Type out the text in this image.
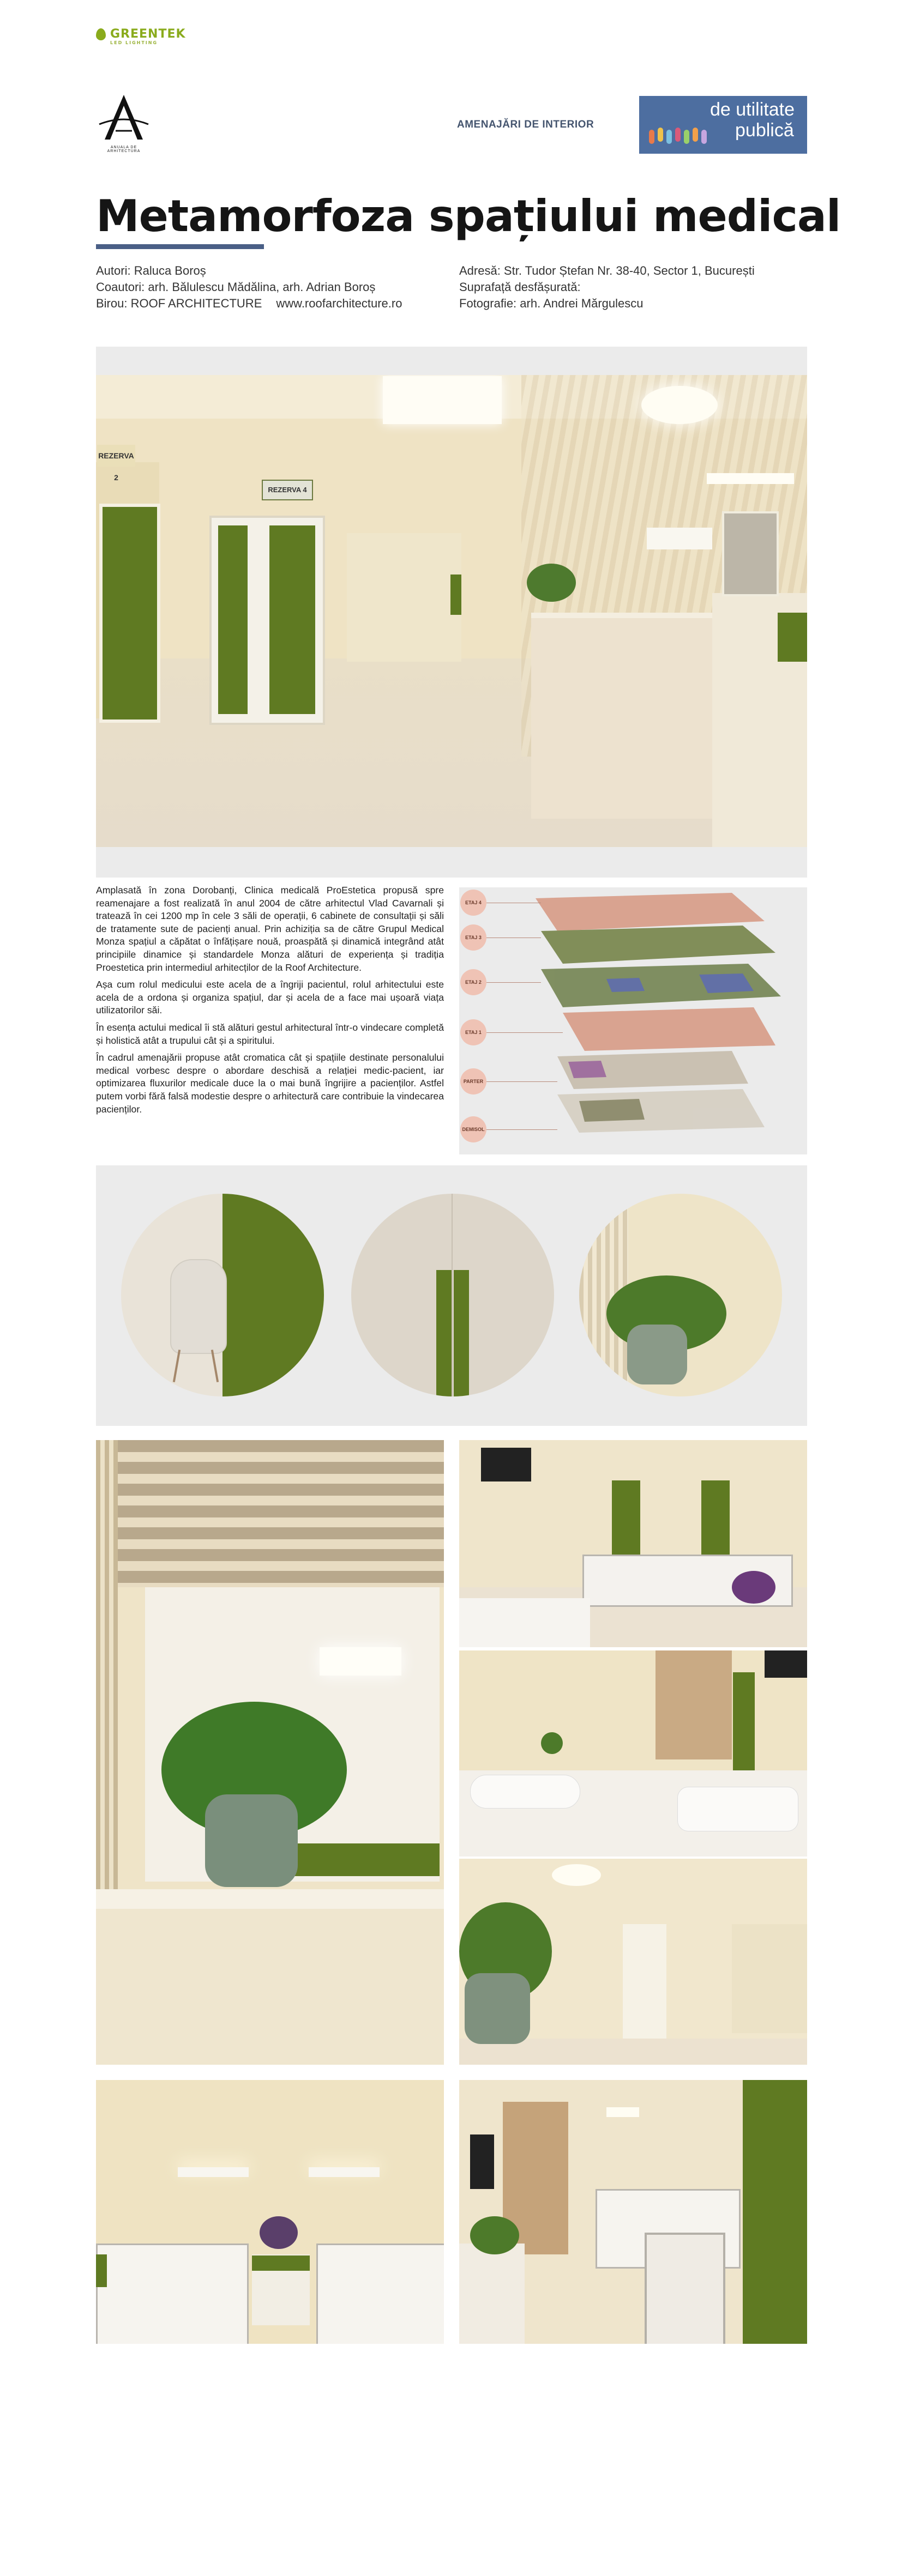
GREENTEK
LED LIGHTING
ANUALA DE ARHITECTURA
AMENAJĂRI DE INTERIOR
de utilitate
publică
Metamorfoza spațiului medical
Autori: Raluca Boroș
Coautori: arh. Bălulescu Mădălina, arh. Adrian Boroș
Birou: ROOF ARCHITECTURE www.roofarchitecture.ro
Adresă: Str. Tudor Ștefan Nr. 38-40, Sector 1, București
Suprafață desfășurată:
Fotografie: arh. Andrei Mărgulescu
REZERVA 2
REZERVA 4

Amplasată în zona Dorobanți, Clinica medicală ProEstetica propusă spre reamenajare a fost realizată în anul 2004 de către arhitectul Vlad Cavarnali și tratează în cei 1200 mp în cele 3 săli de operații, 6 cabinete de consultații și săli de tratamente sute de pacienți anual. Prin achiziția sa de către Grupul Medical Monza spațiul a căpătat o înfățișare nouă, proaspătă și dinamică integrând atât principiile dinamice și standardele Monza alături de experiența și tradiția Proestetica prin intermediul arhitecților de la Roof Architecture.

Așa cum rolul medicului este acela de a îngriji pacientul, rolul arhitectului este acela de a ordona și organiza spațiul, dar și acela de a face mai ușoară viața utilizatorilor săi.

În esența actului medical îi stă alături gestul arhitectural într-o vindecare completă și holistică atât a trupului cât și a spiritului.

În cadrul amenajării propuse atât cromatica cât și spațiile destinate personalului medical vorbesc despre o abordare deschisă a relației medic-pacient, iar optimizarea fluxurilor medicale duce la o mai bună îngrijire a pacienților. Astfel putem vorbi fără falsă modestie despre o arhitectură care contribuie la vindecarea pacienților.

ETAJ 4
ETAJ 3
ETAJ 2
ETAJ 1
PARTER
DEMISOL
